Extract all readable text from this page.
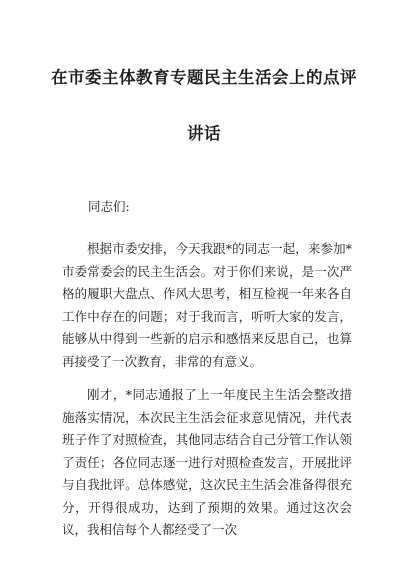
在市委主体教育专题民主生活会上的点评
讲话

同志们:

根据市委安排，今天我跟*的同志一起，来参加*市委常委会的民主生活会。对于你们来说，是一次严格的履职大盘点、作风大思考，相互检视一年来各自工作中存在的问题；对于我而言，听听大家的发言，能够从中得到一些新的启示和感悟来反思自己，也算再接受了一次教育，非常的有意义。

刚才，*同志通报了上一年度民主生活会整改措施落实情况，本次民主生活会征求意见情况，并代表班子作了对照检查，其他同志结合自己分管工作认领了责任；各位同志逐一进行对照检查发言，开展批评与自我批评。总体感觉，这次民主生活会准备得很充分，开得很成功，达到了预期的效果。通过这次会议，我相信每个人都经受了一次
